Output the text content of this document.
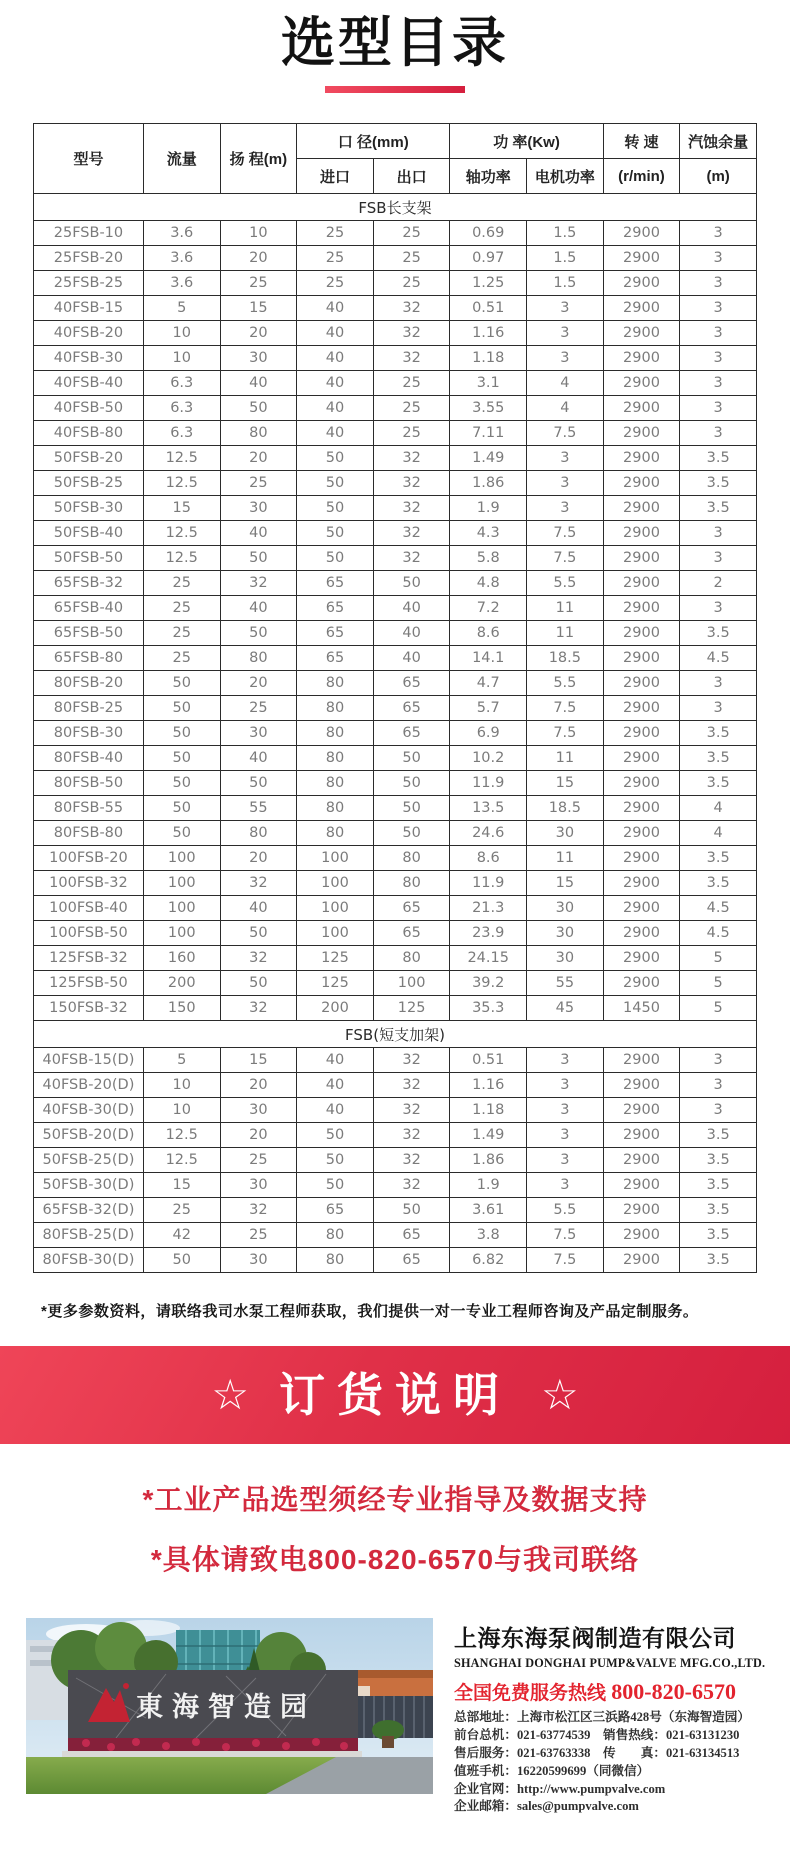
选型目录
型号	流量	扬 程(m)	口 径(mm)		功 率(Kw)		转 速	汽蚀余量
			进口	出口	轴功率	电机功率	(r/min)	(m)
FSB长支架								
25FSB-10	3.6	10	25	25	0.69	1.5	2900	3
25FSB-20	3.6	20	25	25	0.97	1.5	2900	3
25FSB-25	3.6	25	25	25	1.25	1.5	2900	3
40FSB-15	5	15	40	32	0.51	3	2900	3
40FSB-20	10	20	40	32	1.16	3	2900	3
40FSB-30	10	30	40	32	1.18	3	2900	3
40FSB-40	6.3	40	40	25	3.1	4	2900	3
40FSB-50	6.3	50	40	25	3.55	4	2900	3
40FSB-80	6.3	80	40	25	7.11	7.5	2900	3
50FSB-20	12.5	20	50	32	1.49	3	2900	3.5
50FSB-25	12.5	25	50	32	1.86	3	2900	3.5
50FSB-30	15	30	50	32	1.9	3	2900	3.5
50FSB-40	12.5	40	50	32	4.3	7.5	2900	3
50FSB-50	12.5	50	50	32	5.8	7.5	2900	3
65FSB-32	25	32	65	50	4.8	5.5	2900	2
65FSB-40	25	40	65	40	7.2	11	2900	3
65FSB-50	25	50	65	40	8.6	11	2900	3.5
65FSB-80	25	80	65	40	14.1	18.5	2900	4.5
80FSB-20	50	20	80	65	4.7	5.5	2900	3
80FSB-25	50	25	80	65	5.7	7.5	2900	3
80FSB-30	50	30	80	65	6.9	7.5	2900	3.5
80FSB-40	50	40	80	50	10.2	11	2900	3.5
80FSB-50	50	50	80	50	11.9	15	2900	3.5
80FSB-55	50	55	80	50	13.5	18.5	2900	4
80FSB-80	50	80	80	50	24.6	30	2900	4
100FSB-20	100	20	100	80	8.6	11	2900	3.5
100FSB-32	100	32	100	80	11.9	15	2900	3.5
100FSB-40	100	40	100	65	21.3	30	2900	4.5
100FSB-50	100	50	100	65	23.9	30	2900	4.5
125FSB-32	160	32	125	80	24.15	30	2900	5
125FSB-50	200	50	125	100	39.2	55	2900	5
150FSB-32	150	32	200	125	35.3	45	1450	5
FSB(短支加架)								
40FSB-15(D)	5	15	40	32	0.51	3	2900	3
40FSB-20(D)	10	20	40	32	1.16	3	2900	3
40FSB-30(D)	10	30	40	32	1.18	3	2900	3
50FSB-20(D)	12.5	20	50	32	1.49	3	2900	3.5
50FSB-25(D)	12.5	25	50	32	1.86	3	2900	3.5
50FSB-30(D)	15	30	50	32	1.9	3	2900	3.5
65FSB-32(D)	25	32	65	50	3.61	5.5	2900	3.5
80FSB-25(D)	42	25	80	65	3.8	7.5	2900	3.5
80FSB-30(D)	50	30	80	65	6.82	7.5	2900	3.5

*更多参数资料，请联络我司水泵工程师获取，我们提供一对一专业工程师咨询及产品定制服务。

☆ 订货说明 ☆

*工业产品选型须经专业指导及数据支持

*具体请致电800-820-6570与我司联络

東海智造园

上海东海泵阀制造有限公司

SHANGHAI DONGHAI PUMP&VALVE MFG.CO.,LTD.
全国免费服务热线 800-820-6570
总部地址：上海市松江区三浜路428号（东海智造园）
前台总机：021-63774539　销售热线：021-63131230
售后服务：021-63763338　传　　真：021-63134513
值班手机：16220599699（同微信）
企业官网：http://www.pumpvalve.com
企业邮箱：sales@pumpvalve.com
